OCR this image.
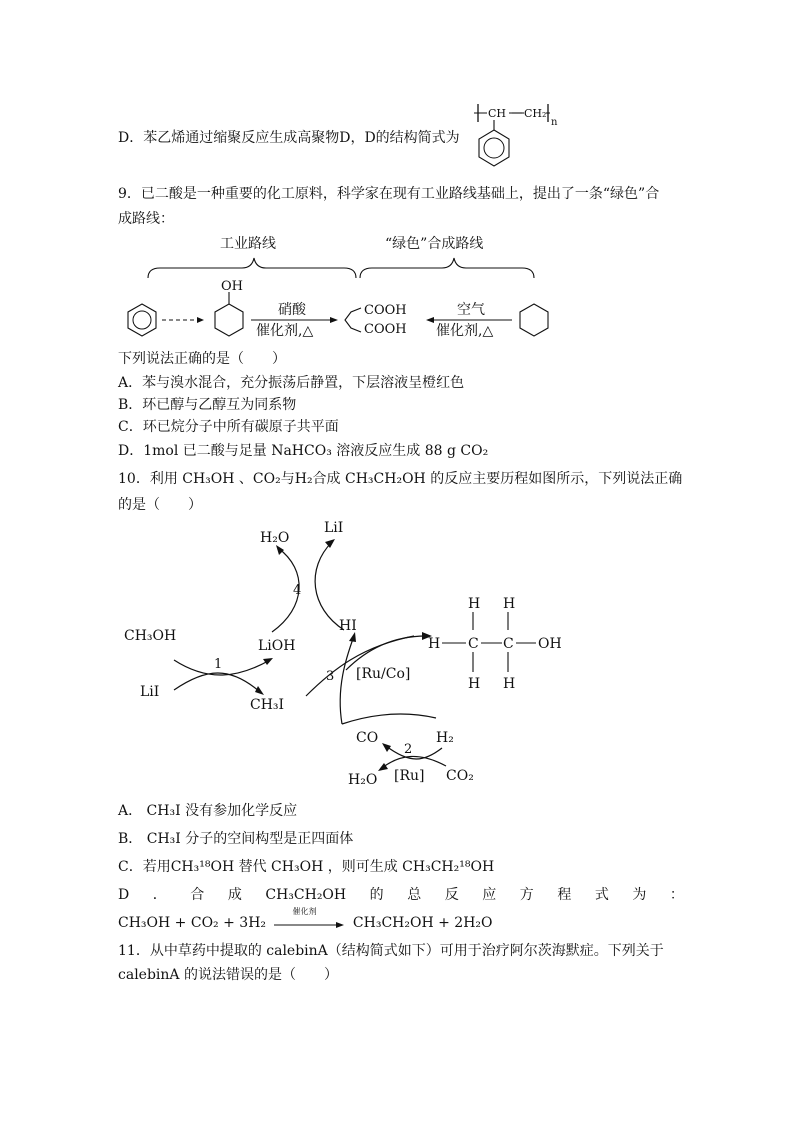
D．苯乙烯通过缩聚反应生成高聚物D，D的结构简式为
CH CH₂
n
9．已二酸是一种重要的化工原料，科学家在现有工业路线基础上，提出了一条“绿色”合
成路线：
工业路线	“绿色”合成路线
OH
硝酸
催化剂,△
COOH
COOH
空气
催化剂,△
下列说法正确的是（　　）
A．苯与溴水混合，充分振荡后静置，下层溶液呈橙红色
B．环已醇与乙醇互为同系物
C．环已烷分子中所有碳原子共平面
D．1mol 已二酸与足量 NaHCO₃ 溶液反应生成 88 g CO₂
10．利用 CH₃OH 、CO₂与H₂合成 CH₃CH₂OH 的反应主要历程如图所示，下列说法正确
的是（　　）
H₂O
LiI
4
CH₃OH
LiOH
HI
LiI
CH₃I
1
3 [Ru/Co]
H C C OH
H H
H H
CO
2
H₂
H₂O [Ru] CO₂
A． CH₃I 没有参加化学反应
B． CH₃I 分子的空间构型是正四面体
C．若用CH₃¹⁸OH 替代 CH₃OH ，则可生成 CH₃CH₂¹⁸OH
D ． 合 成 CH₃CH₂OH 的 总 反 应 方 程 式 为 ：
CH₃OH + CO₂ + 3H₂
催化剂
CH₃CH₂OH + 2H₂O
11．从中草药中提取的 calebinA（结构简式如下）可用于治疗阿尔茨海默症。下列关于
calebinA 的说法错误的是（　　）
